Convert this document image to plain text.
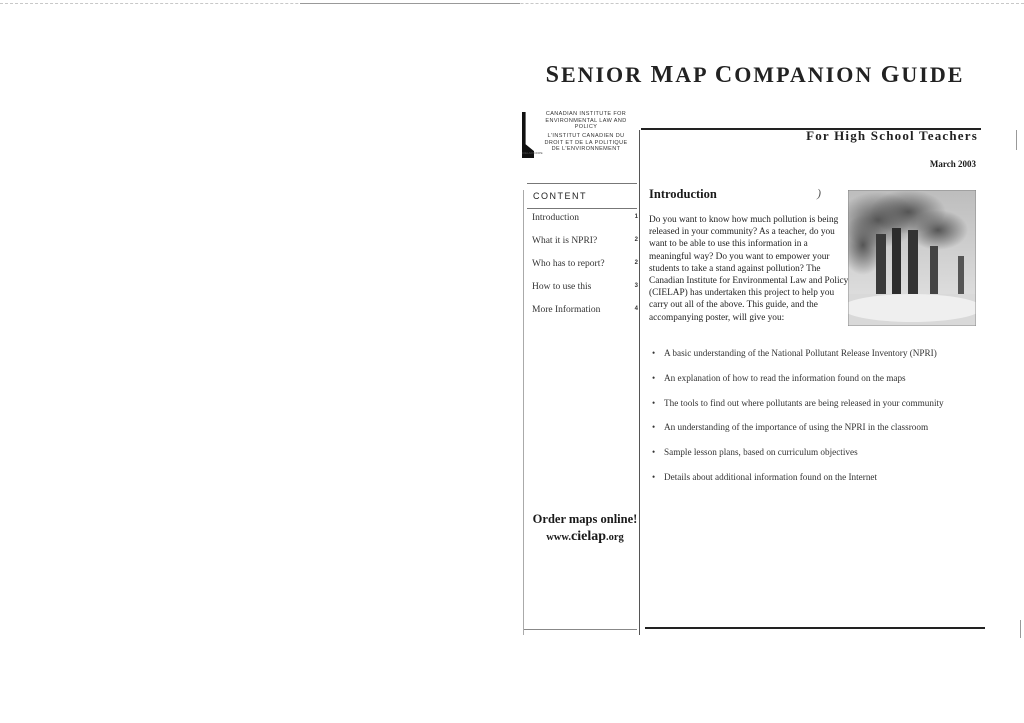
SENIOR MAP COMPANION GUIDE
CANADIAN INSTITUTE FOR
ENVIRONMENTAL LAW AND POLICY
L'INSTITUT CANADIEN DU
DROIT ET DE LA POLITIQUE
DE L'ENVIRONNEMENT
CIELAP/ICDPE
For High School Teachers
March 2003
CONTENT
Introduction	1
What it is NPRI?	2
Who has to report?	2
How to use this	3
More Information	4
Order maps online!
www.cielap.org
Introduction	)
Do you want to know how much pollution is being released in your community? As a teacher, do you want to be able to use this information in a meaningful way? Do you want to empower your students to take a stand against pollution? The Canadian Institute for Environmental Law and Policy (CIELAP) has undertaken this project to help you carry out all of the above. This guide, and the accompanying poster, will give you:
• A basic understanding of the National Pollutant Release Inventory (NPRI)
• An explanation of how to read the information found on the maps
• The tools to find out where pollutants are being released in your community
• An understanding of the importance of using the NPRI in the classroom
• Sample lesson plans, based on curriculum objectives
• Details about additional information found on the Internet
